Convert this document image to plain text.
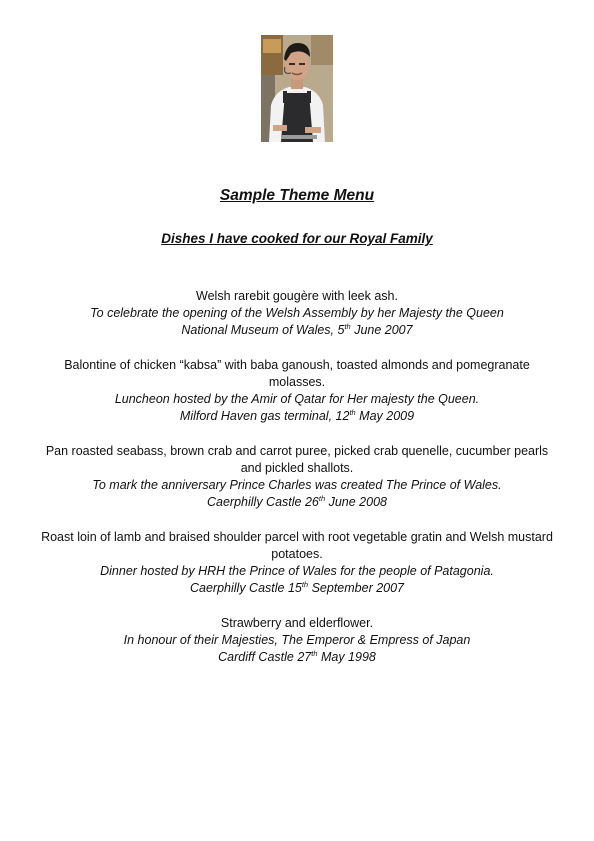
Sample Theme Menu
Dishes I have cooked for our Royal Family

Welsh rarebit gougère with leek ash.

To celebrate the opening of the Welsh Assembly by her Majesty the Queen

National Museum of Wales, 5th June 2007

Balontine of chicken “kabsa” with baba ganoush, toasted almonds and pomegranate molasses.

Luncheon hosted by the Amir of Qatar for Her majesty the Queen.

Milford Haven gas terminal, 12th May 2009

Pan roasted seabass, brown crab and carrot puree, picked crab quenelle, cucumber pearls and pickled shallots.

To mark the anniversary Prince Charles was created The Prince of Wales.

Caerphilly Castle 26th June 2008

Roast loin of lamb and braised shoulder parcel with root vegetable gratin and Welsh mustard potatoes.

Dinner hosted by HRH the Prince of Wales for the people of Patagonia.

Caerphilly Castle 15th September 2007

Strawberry and elderflower.

In honour of their Majesties, The Emperor & Empress of Japan

Cardiff Castle 27th May 1998
